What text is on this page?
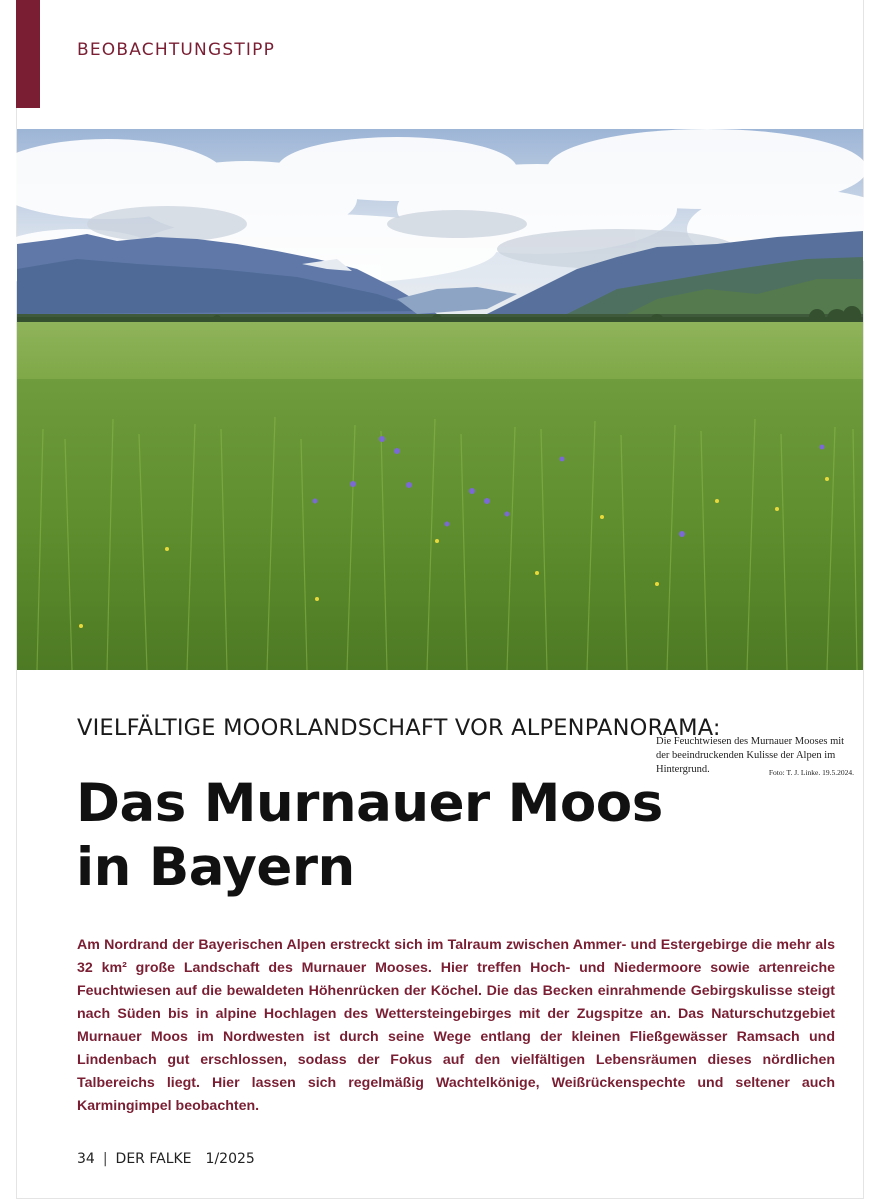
BEOBACHTUNGSTIPP
Die Feuchtwiesen des Murnauer Mooses mit der beeindruckenden Kulisse der Alpen im Hintergrund.	Foto: T. J. Linke. 19.5.2024.
VIELFÄLTIGE MOORLANDSCHAFT VOR ALPENPANORAMA:
Das Murnauer Moos
in Bayern
Am Nordrand der Bayerischen Alpen erstreckt sich im Talraum zwischen Ammer- und Estergebirge die mehr als 32 km² große Landschaft des Murnauer Mooses. Hier treffen Hoch- und Niedermoore sowie artenreiche Feuchtwiesen auf die bewaldeten Höhenrücken der Köchel. Die das Becken einrahmende Gebirgskulisse steigt nach Süden bis in alpine Hochlagen des Wettersteingebirges mit der Zugspitze an. Das Naturschutzgebiet Murnauer Moos im Nordwesten ist durch seine Wege entlang der kleinen Fließgewässer Ramsach und Lindenbach gut erschlossen, sodass der Fokus auf den vielfältigen Lebensräumen dieses nördlichen Talbereichs liegt. Hier lassen sich regelmäßig Wachtelkönige, Weißrückenspechte und seltener auch Karmingimpel beobachten.
34 | DER FALKE 1/2025
